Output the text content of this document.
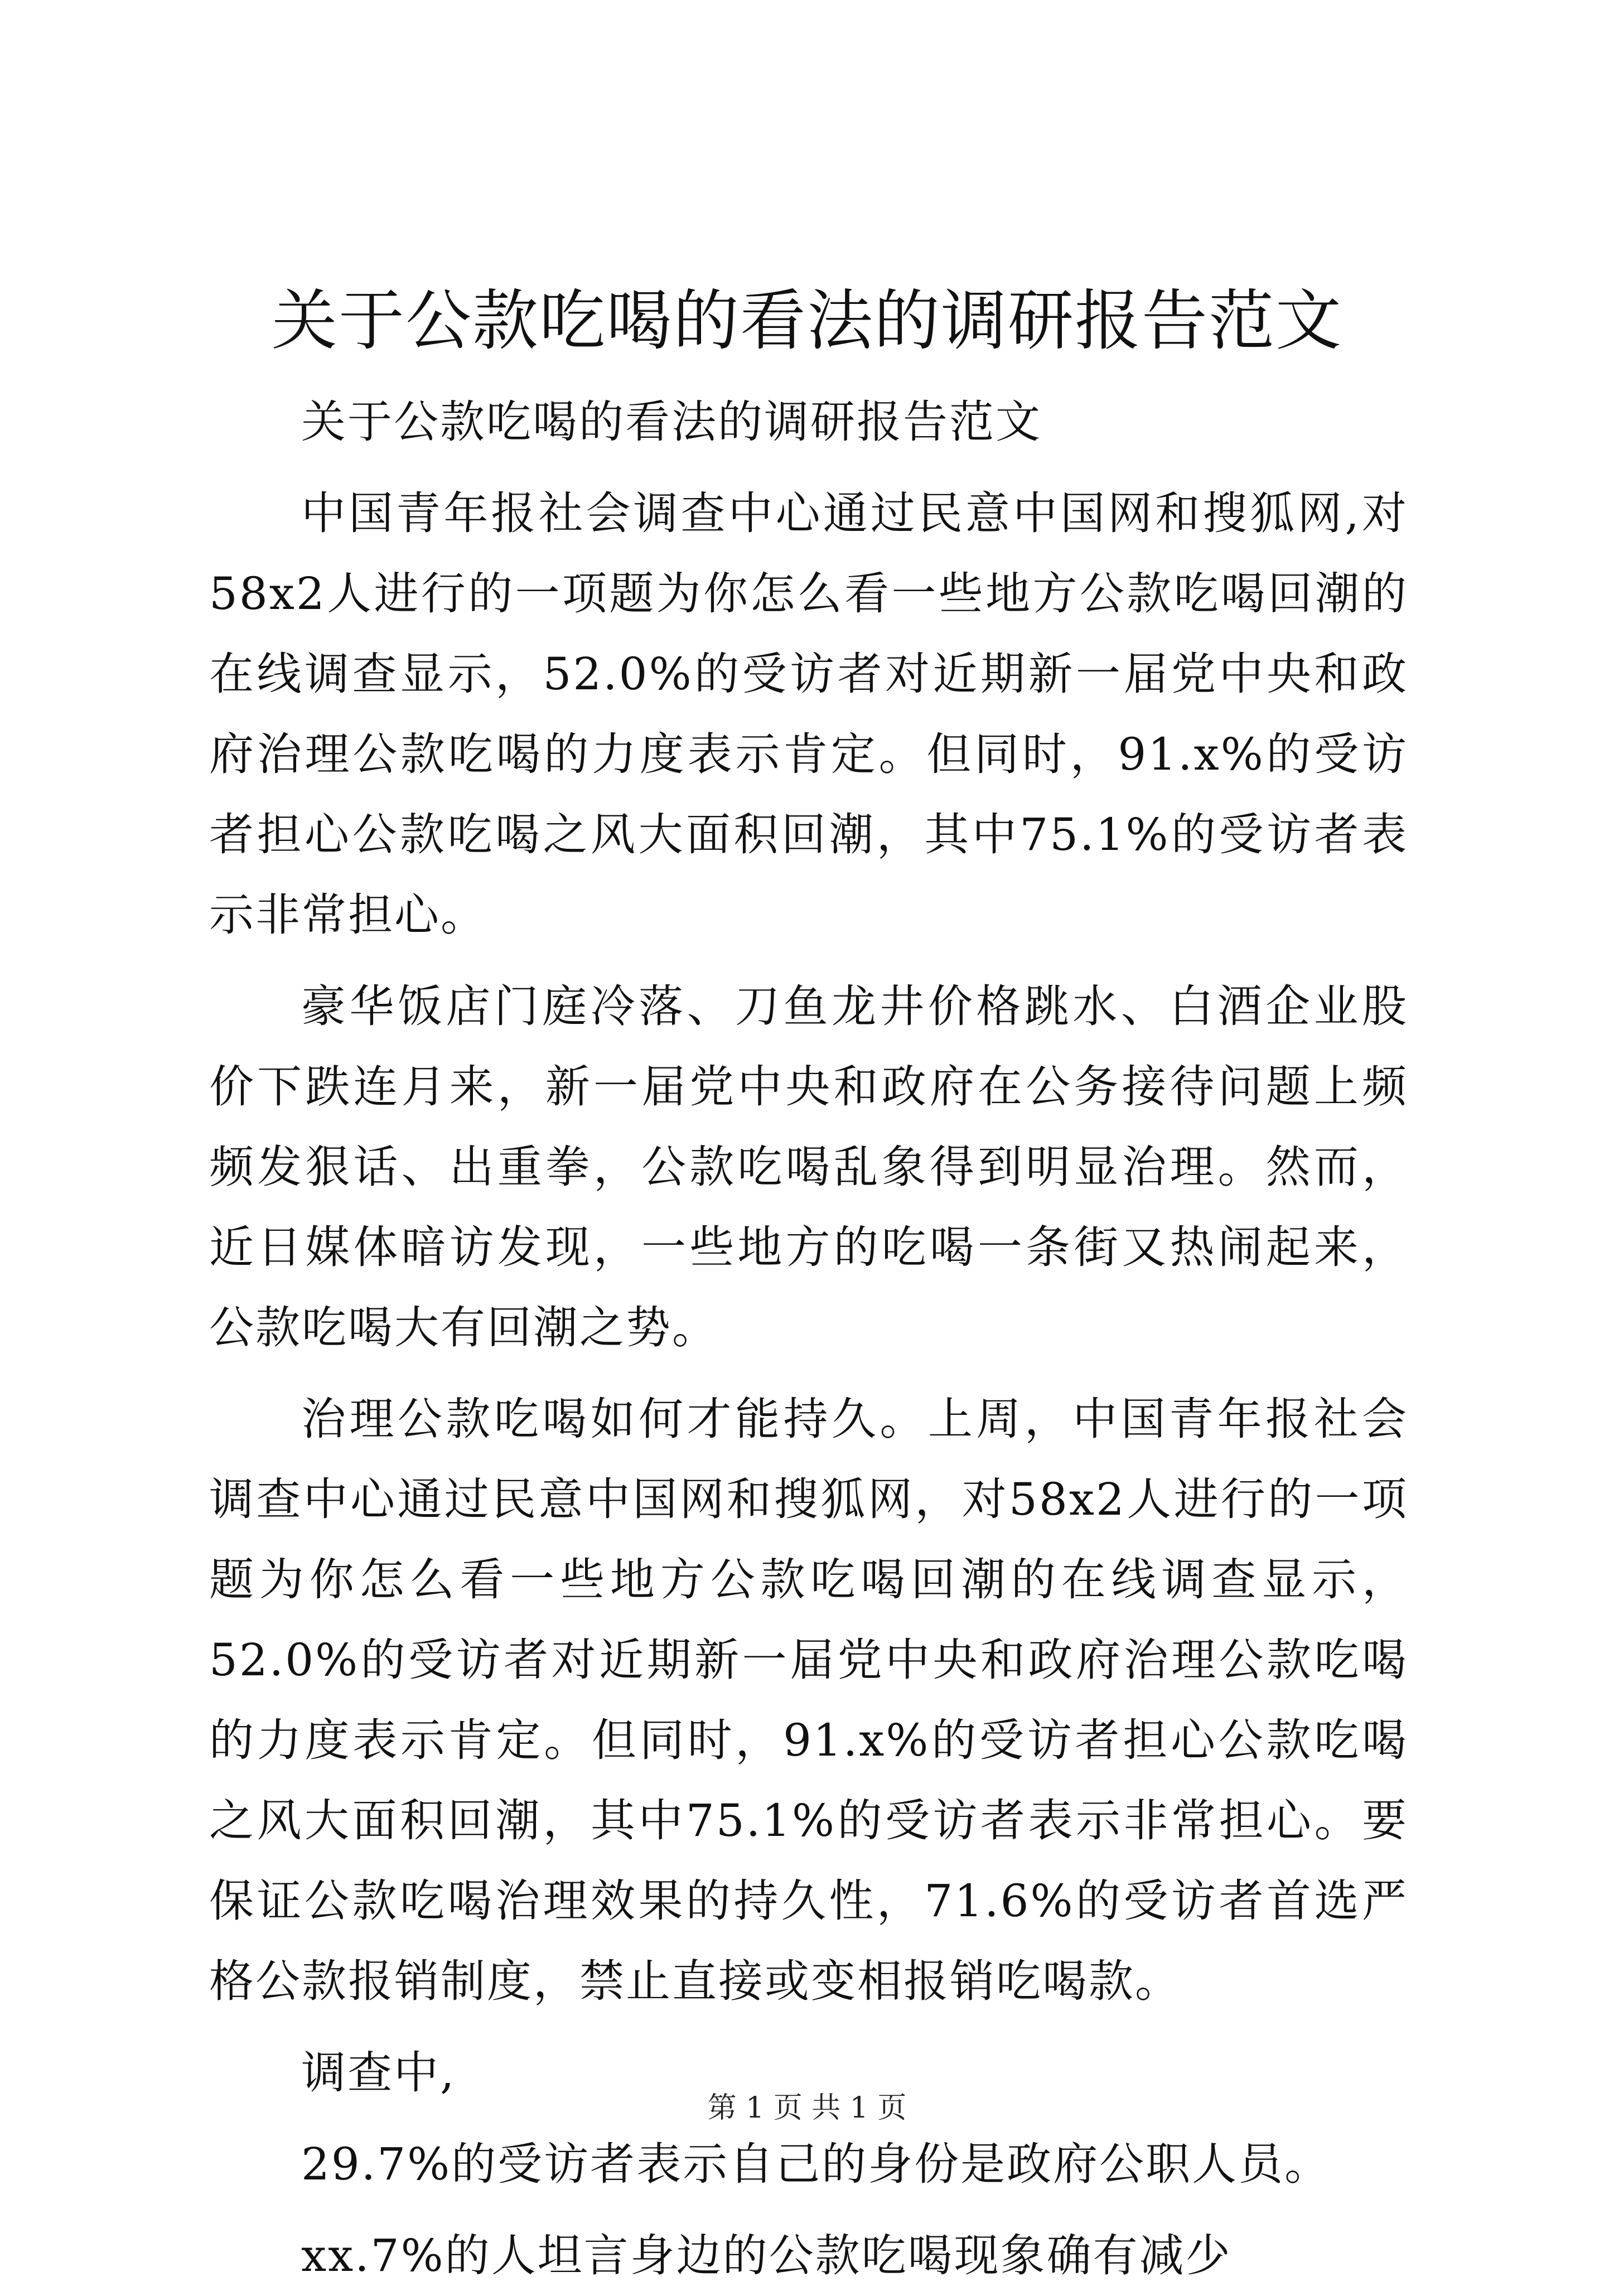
关于公款吃喝的看法的调研报告范文

关于公款吃喝的看法的调研报告范文

中国青年报社会调查中心通过民意中国网和搜狐网,对58x2人进行的一项题为你怎么看一些地方公款吃喝回潮的在线调查显示，52.0%的受访者对近期新一届党中央和政府治理公款吃喝的力度表示肯定。但同时，91.x%的受访者担心公款吃喝之风大面积回潮，其中75.1%的受访者表示非常担心。

豪华饭店门庭冷落、刀鱼龙井价格跳水、白酒企业股价下跌连月来，新一届党中央和政府在公务接待问题上频频发狠话、出重拳，公款吃喝乱象得到明显治理。然而，近日媒体暗访发现，一些地方的吃喝一条街又热闹起来，公款吃喝大有回潮之势。

治理公款吃喝如何才能持久。上周，中国青年报社会调查中心通过民意中国网和搜狐网，对58x2人进行的一项题为你怎么看一些地方公款吃喝回潮的在线调查显示，52.0%的受访者对近期新一届党中央和政府治理公款吃喝的力度表示肯定。但同时，91.x%的受访者担心公款吃喝之风大面积回潮，其中75.1%的受访者表示非常担心。要保证公款吃喝治理效果的持久性，71.6%的受访者首选严格公款报销制度，禁止直接或变相报销吃喝款。

调查中,

29.7%的受访者表示自己的身份是政府公职人员。

xx.7%的人坦言身边的公款吃喝现象确有减少

第 1 页 共 1 页
